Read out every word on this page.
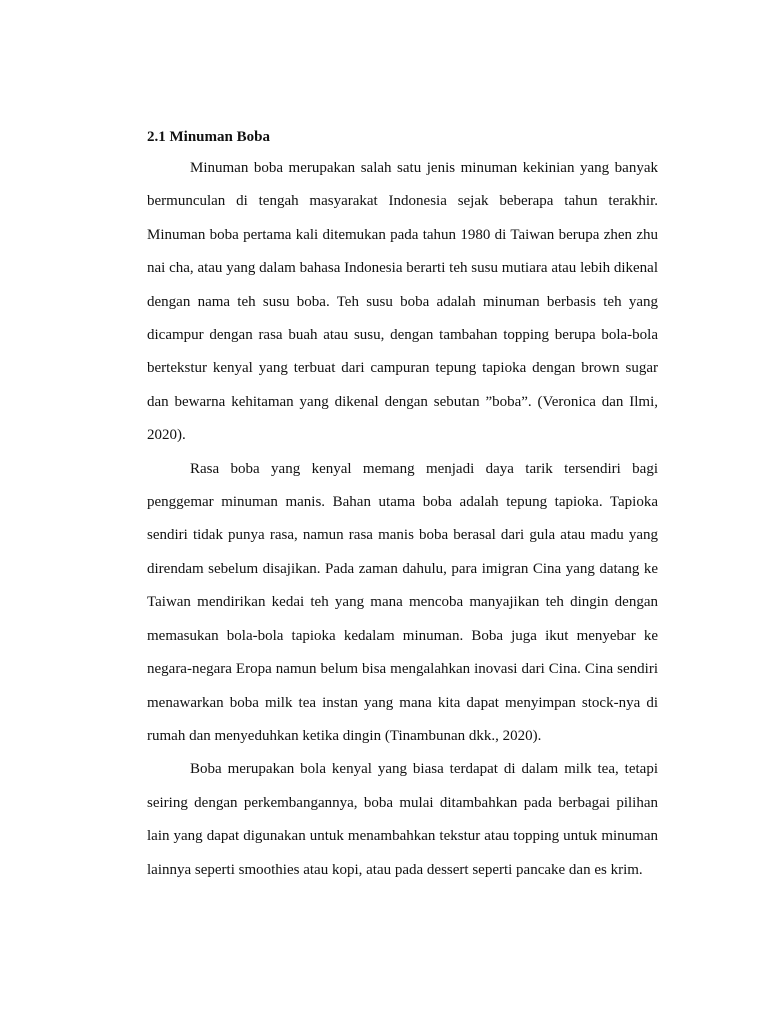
2.1 Minuman Boba

Minuman boba merupakan salah satu jenis minuman kekinian yang banyak bermunculan di tengah masyarakat Indonesia sejak beberapa tahun terakhir. Minuman boba pertama kali ditemukan pada tahun 1980 di Taiwan berupa zhen zhu nai cha, atau yang dalam bahasa Indonesia berarti teh susu mutiara atau lebih dikenal dengan nama teh susu boba. Teh susu boba adalah minuman berbasis teh yang dicampur dengan rasa buah atau susu, dengan tambahan topping berupa bola-bola bertekstur kenyal yang terbuat dari campuran tepung tapioka dengan brown sugar dan bewarna kehitaman yang dikenal dengan sebutan ”boba”. (Veronica dan Ilmi, 2020).

Rasa boba yang kenyal memang menjadi daya tarik tersendiri bagi penggemar minuman manis. Bahan utama boba adalah tepung tapioka. Tapioka sendiri tidak punya rasa, namun rasa manis boba berasal dari gula atau madu yang direndam sebelum disajikan. Pada zaman dahulu, para imigran Cina yang datang ke Taiwan mendirikan kedai teh yang mana mencoba manyajikan teh dingin dengan memasukan bola-bola tapioka kedalam minuman. Boba juga ikut menyebar ke negara-negara Eropa namun belum bisa mengalahkan inovasi dari Cina. Cina sendiri menawarkan boba milk tea instan yang mana kita dapat menyimpan stock-nya di rumah dan menyeduhkan ketika dingin (Tinambunan dkk., 2020).

Boba merupakan bola kenyal yang biasa terdapat di dalam milk tea, tetapi seiring dengan perkembangannya, boba mulai ditambahkan pada berbagai pilihan lain yang dapat digunakan untuk menambahkan tekstur atau topping untuk minuman lainnya seperti smoothies atau kopi, atau pada dessert seperti pancake dan es krim.
